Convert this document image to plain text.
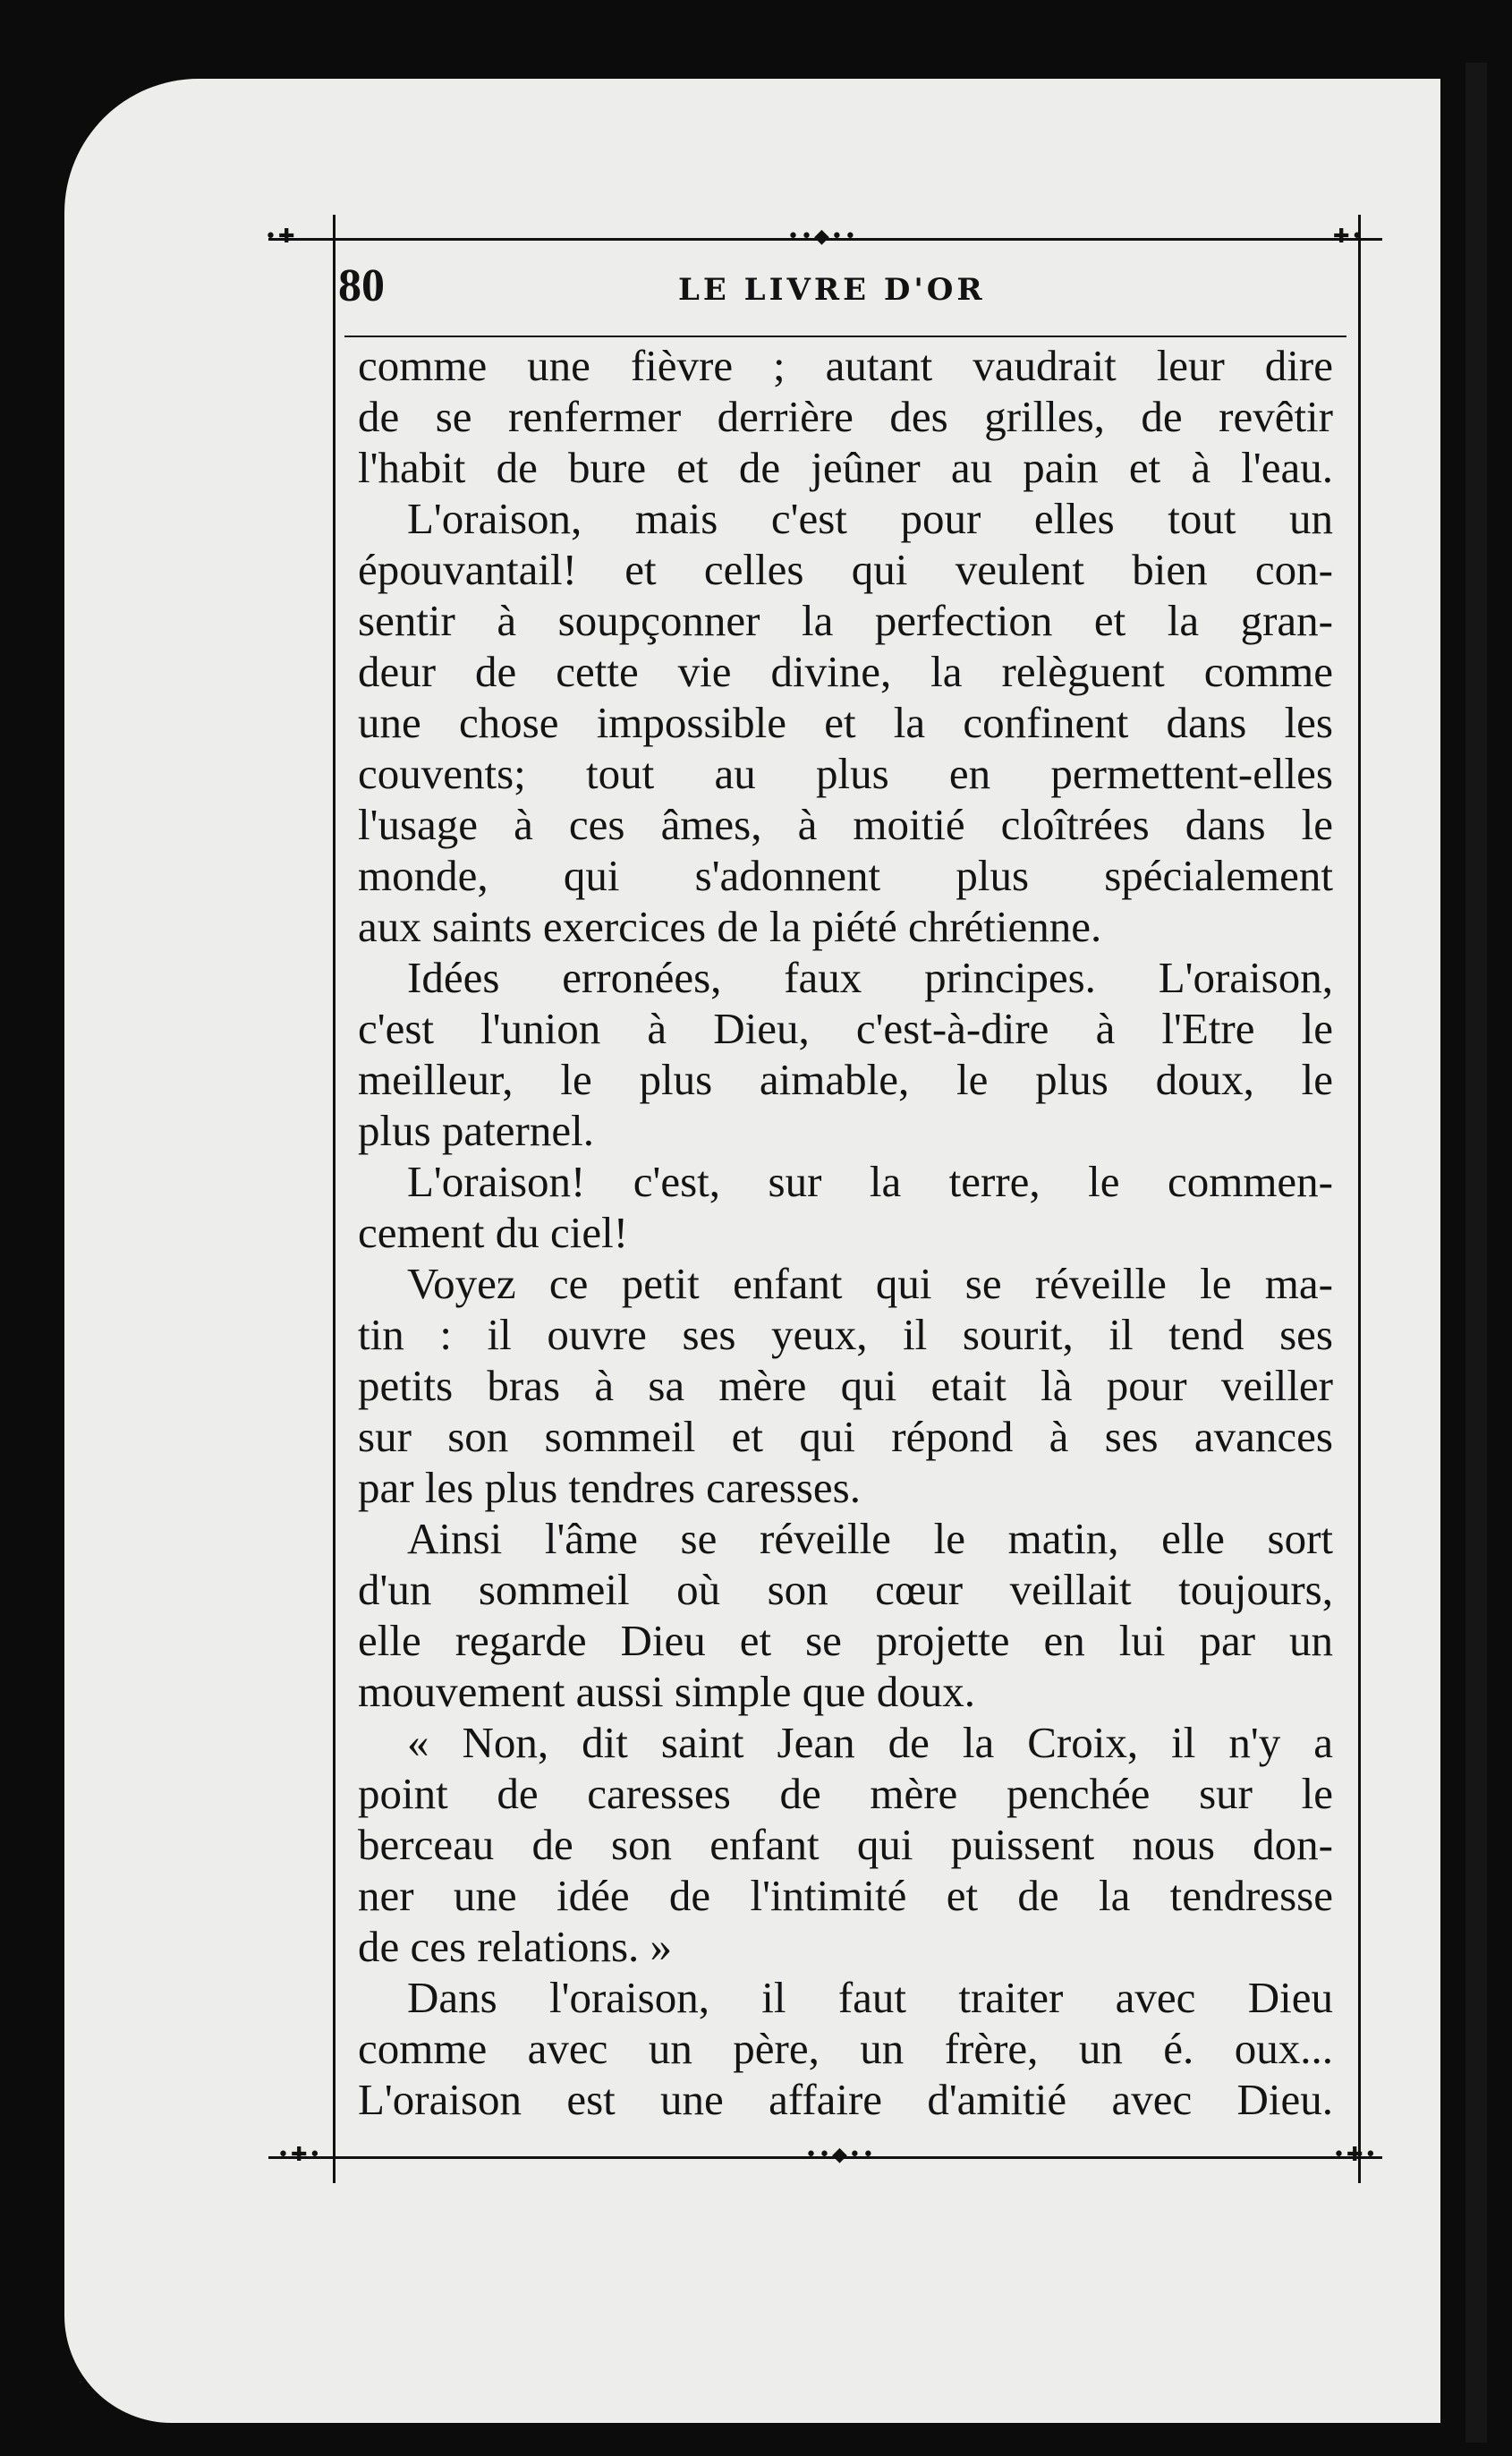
••◆••
••◆••
•✚	✚•
•✚•	•✚•
80	LE LIVRE D'OR
comme une fièvre ; autant vaudrait leur dire
de se renfermer derrière des grilles, de revêtir
l'habit de bure et de jeûner au pain et à l'eau.
L'oraison, mais c'est pour elles tout un
épouvantail! et celles qui veulent bien con-
sentir à soupçonner la perfection et la gran-
deur de cette vie divine, la relèguent comme
une chose impossible et la confinent dans les
couvents; tout au plus en permettent-elles
l'usage à ces âmes, à moitié cloîtrées dans le
monde, qui s'adonnent plus spécialement
aux saints exercices de la piété chrétienne.
Idées erronées, faux principes. L'oraison,
c'est l'union à Dieu, c'est-à-dire à l'Etre le
meilleur, le plus aimable, le plus doux, le
plus paternel.
L'oraison! c'est, sur la terre, le commen-
cement du ciel!
Voyez ce petit enfant qui se réveille le ma-
tin : il ouvre ses yeux, il sourit, il tend ses
petits bras à sa mère qui etait là pour veiller
sur son sommeil et qui répond à ses avances
par les plus tendres caresses.
Ainsi l'âme se réveille le matin, elle sort
d'un sommeil où son cœur veillait toujours,
elle regarde Dieu et se projette en lui par un
mouvement aussi simple que doux.
« Non, dit saint Jean de la Croix, il n'y a
point de caresses de mère penchée sur le
berceau de son enfant qui puissent nous don-
ner une idée de l'intimité et de la tendresse
de ces relations. »
Dans l'oraison, il faut traiter avec Dieu
comme avec un père, un frère, un é. oux...
L'oraison est une affaire d'amitié avec Dieu.
